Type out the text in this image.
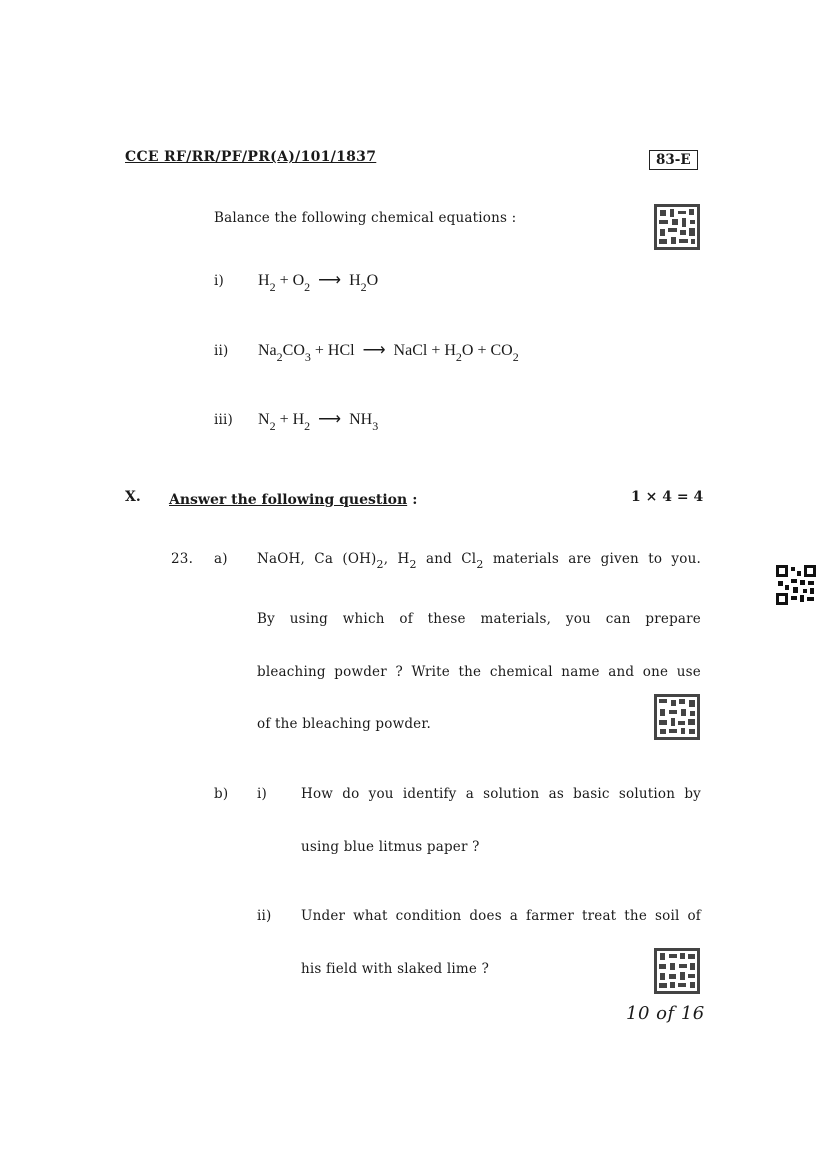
CCE RF/RR/PF/PR(A)/101/1837	83-E
Balance the following chemical equations :
i) $H_2 + O_2$ ⟶ $H_2O$
ii) $Na_2CO_3$ + HCl ⟶ NaCl + $H_2O + CO_2$
iii) $N_2 + H_2$ ⟶ $NH_3$
X. Answer the following question :	1 × 4 = 4
23. a) NaOH, Ca $(OH)_2$, $H_2$ and $Cl_2$ materials are given to you.
By using which of these materials, you can prepare
bleaching powder ? Write the chemical name and one use
of the bleaching powder.
b) i)	How do you identify a solution as basic solution by
using blue litmus paper ?
ii) Under what condition does a farmer treat the soil of
his field with slaked lime ?
10 of 16
